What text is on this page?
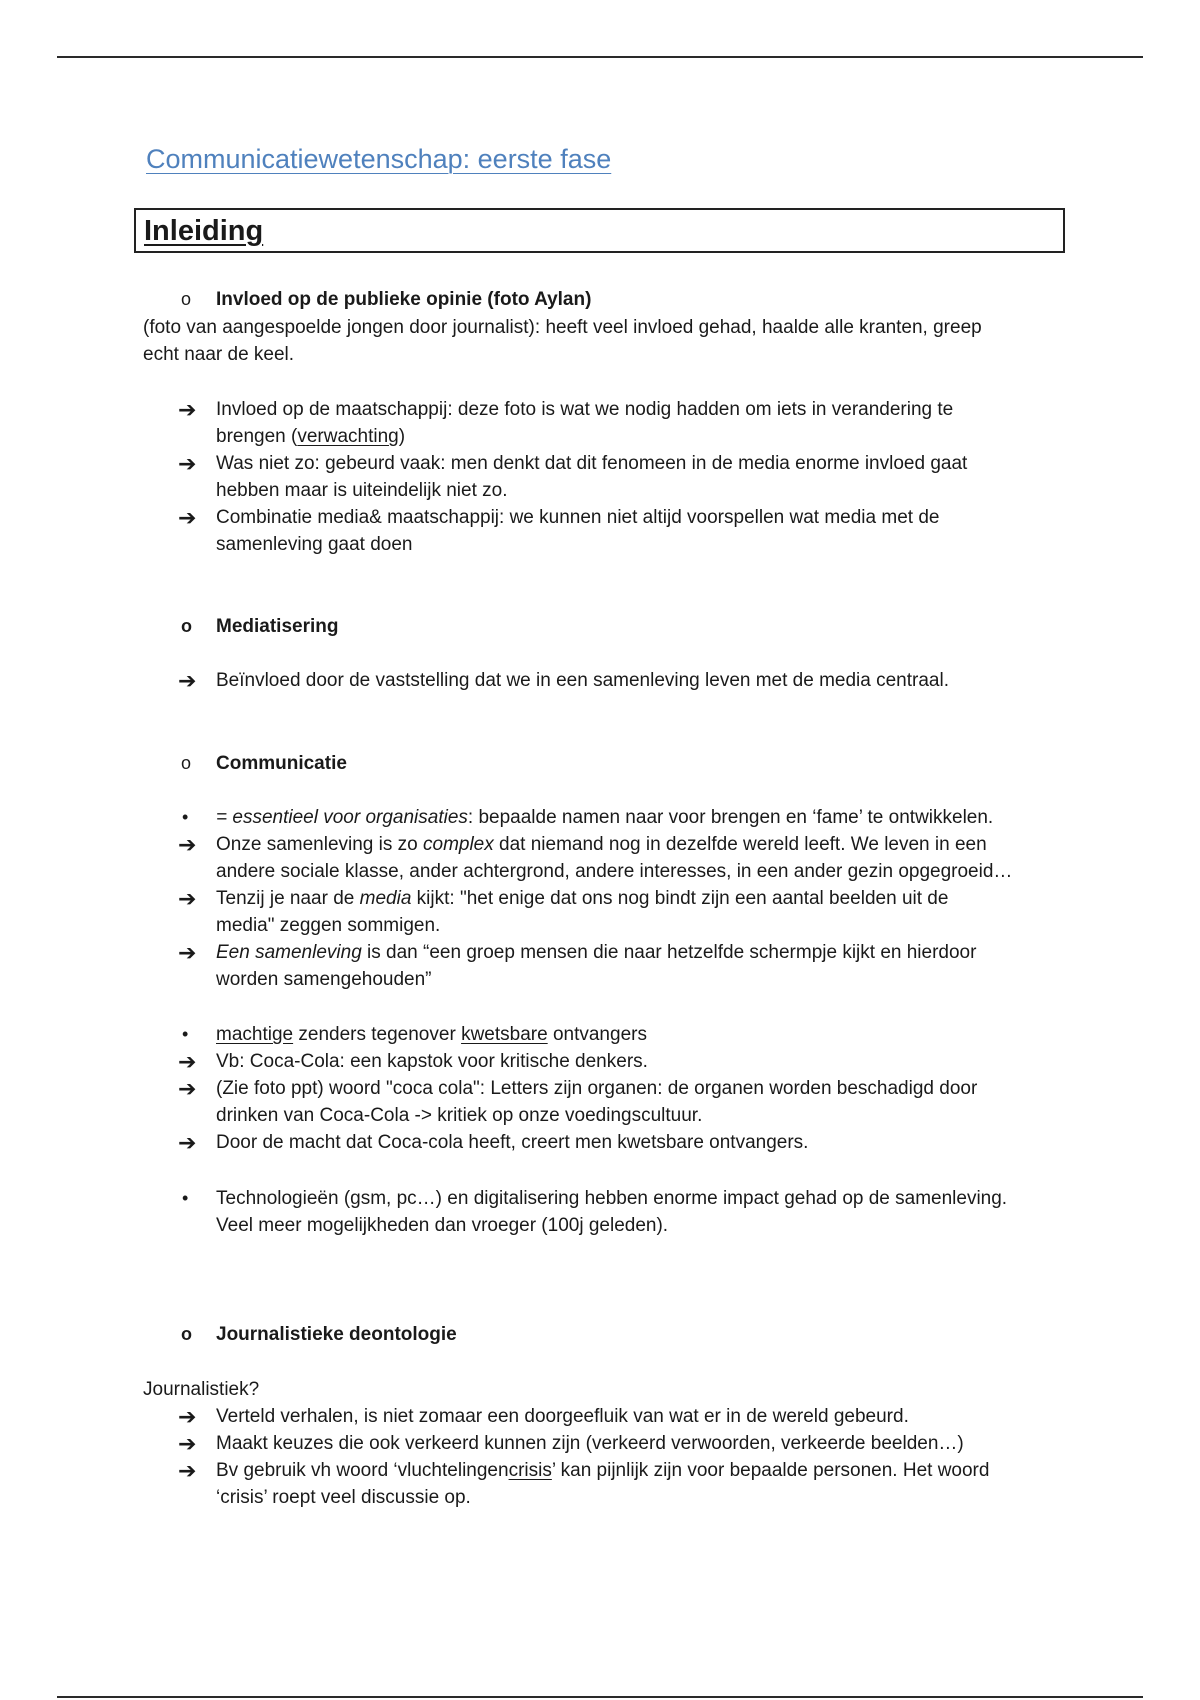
Communicatiewetenschap: eerste fase
Inleiding
o Invloed op de publieke opinie (foto Aylan)
(foto van aangespoelde jongen door journalist): heeft veel invloed gehad, haalde alle kranten, greep
echt naar de keel.
➔ Invloed op de maatschappij: deze foto is wat we nodig hadden om iets in verandering te
brengen (verwachting)
➔ Was niet zo: gebeurd vaak: men denkt dat dit fenomeen in de media enorme invloed gaat
hebben maar is uiteindelijk niet zo.
➔ Combinatie media& maatschappij: we kunnen niet altijd voorspellen wat media met de
samenleving gaat doen
o Mediatisering
➔ Beïnvloed door de vaststelling dat we in een samenleving leven met de media centraal.
o Communicatie
• = essentieel voor organisaties: bepaalde namen naar voor brengen en ‘fame’ te ontwikkelen.
➔ Onze samenleving is zo complex dat niemand nog in dezelfde wereld leeft. We leven in een
andere sociale klasse, ander achtergrond, andere interesses, in een ander gezin opgegroeid…
➔ Tenzij je naar de media kijkt: "het enige dat ons nog bindt zijn een aantal beelden uit de
media" zeggen sommigen.
➔ Een samenleving is dan “een groep mensen die naar hetzelfde schermpje kijkt en hierdoor
worden samengehouden”
• machtige zenders tegenover kwetsbare ontvangers
➔ Vb: Coca-Cola: een kapstok voor kritische denkers.
➔ (Zie foto ppt) woord "coca cola": Letters zijn organen: de organen worden beschadigd door
drinken van Coca-Cola -> kritiek op onze voedingscultuur.
➔ Door de macht dat Coca-cola heeft, creert men kwetsbare ontvangers.
• Technologieën (gsm, pc…) en digitalisering hebben enorme impact gehad op de samenleving.
Veel meer mogelijkheden dan vroeger (100j geleden).
o Journalistieke deontologie
Journalistiek?
➔ Verteld verhalen, is niet zomaar een doorgeefluik van wat er in de wereld gebeurd.
➔ Maakt keuzes die ook verkeerd kunnen zijn (verkeerd verwoorden, verkeerde beelden…)
➔ Bv gebruik vh woord ‘vluchtelingencrisis’ kan pijnlijk zijn voor bepaalde personen. Het woord
‘crisis’ roept veel discussie op.
